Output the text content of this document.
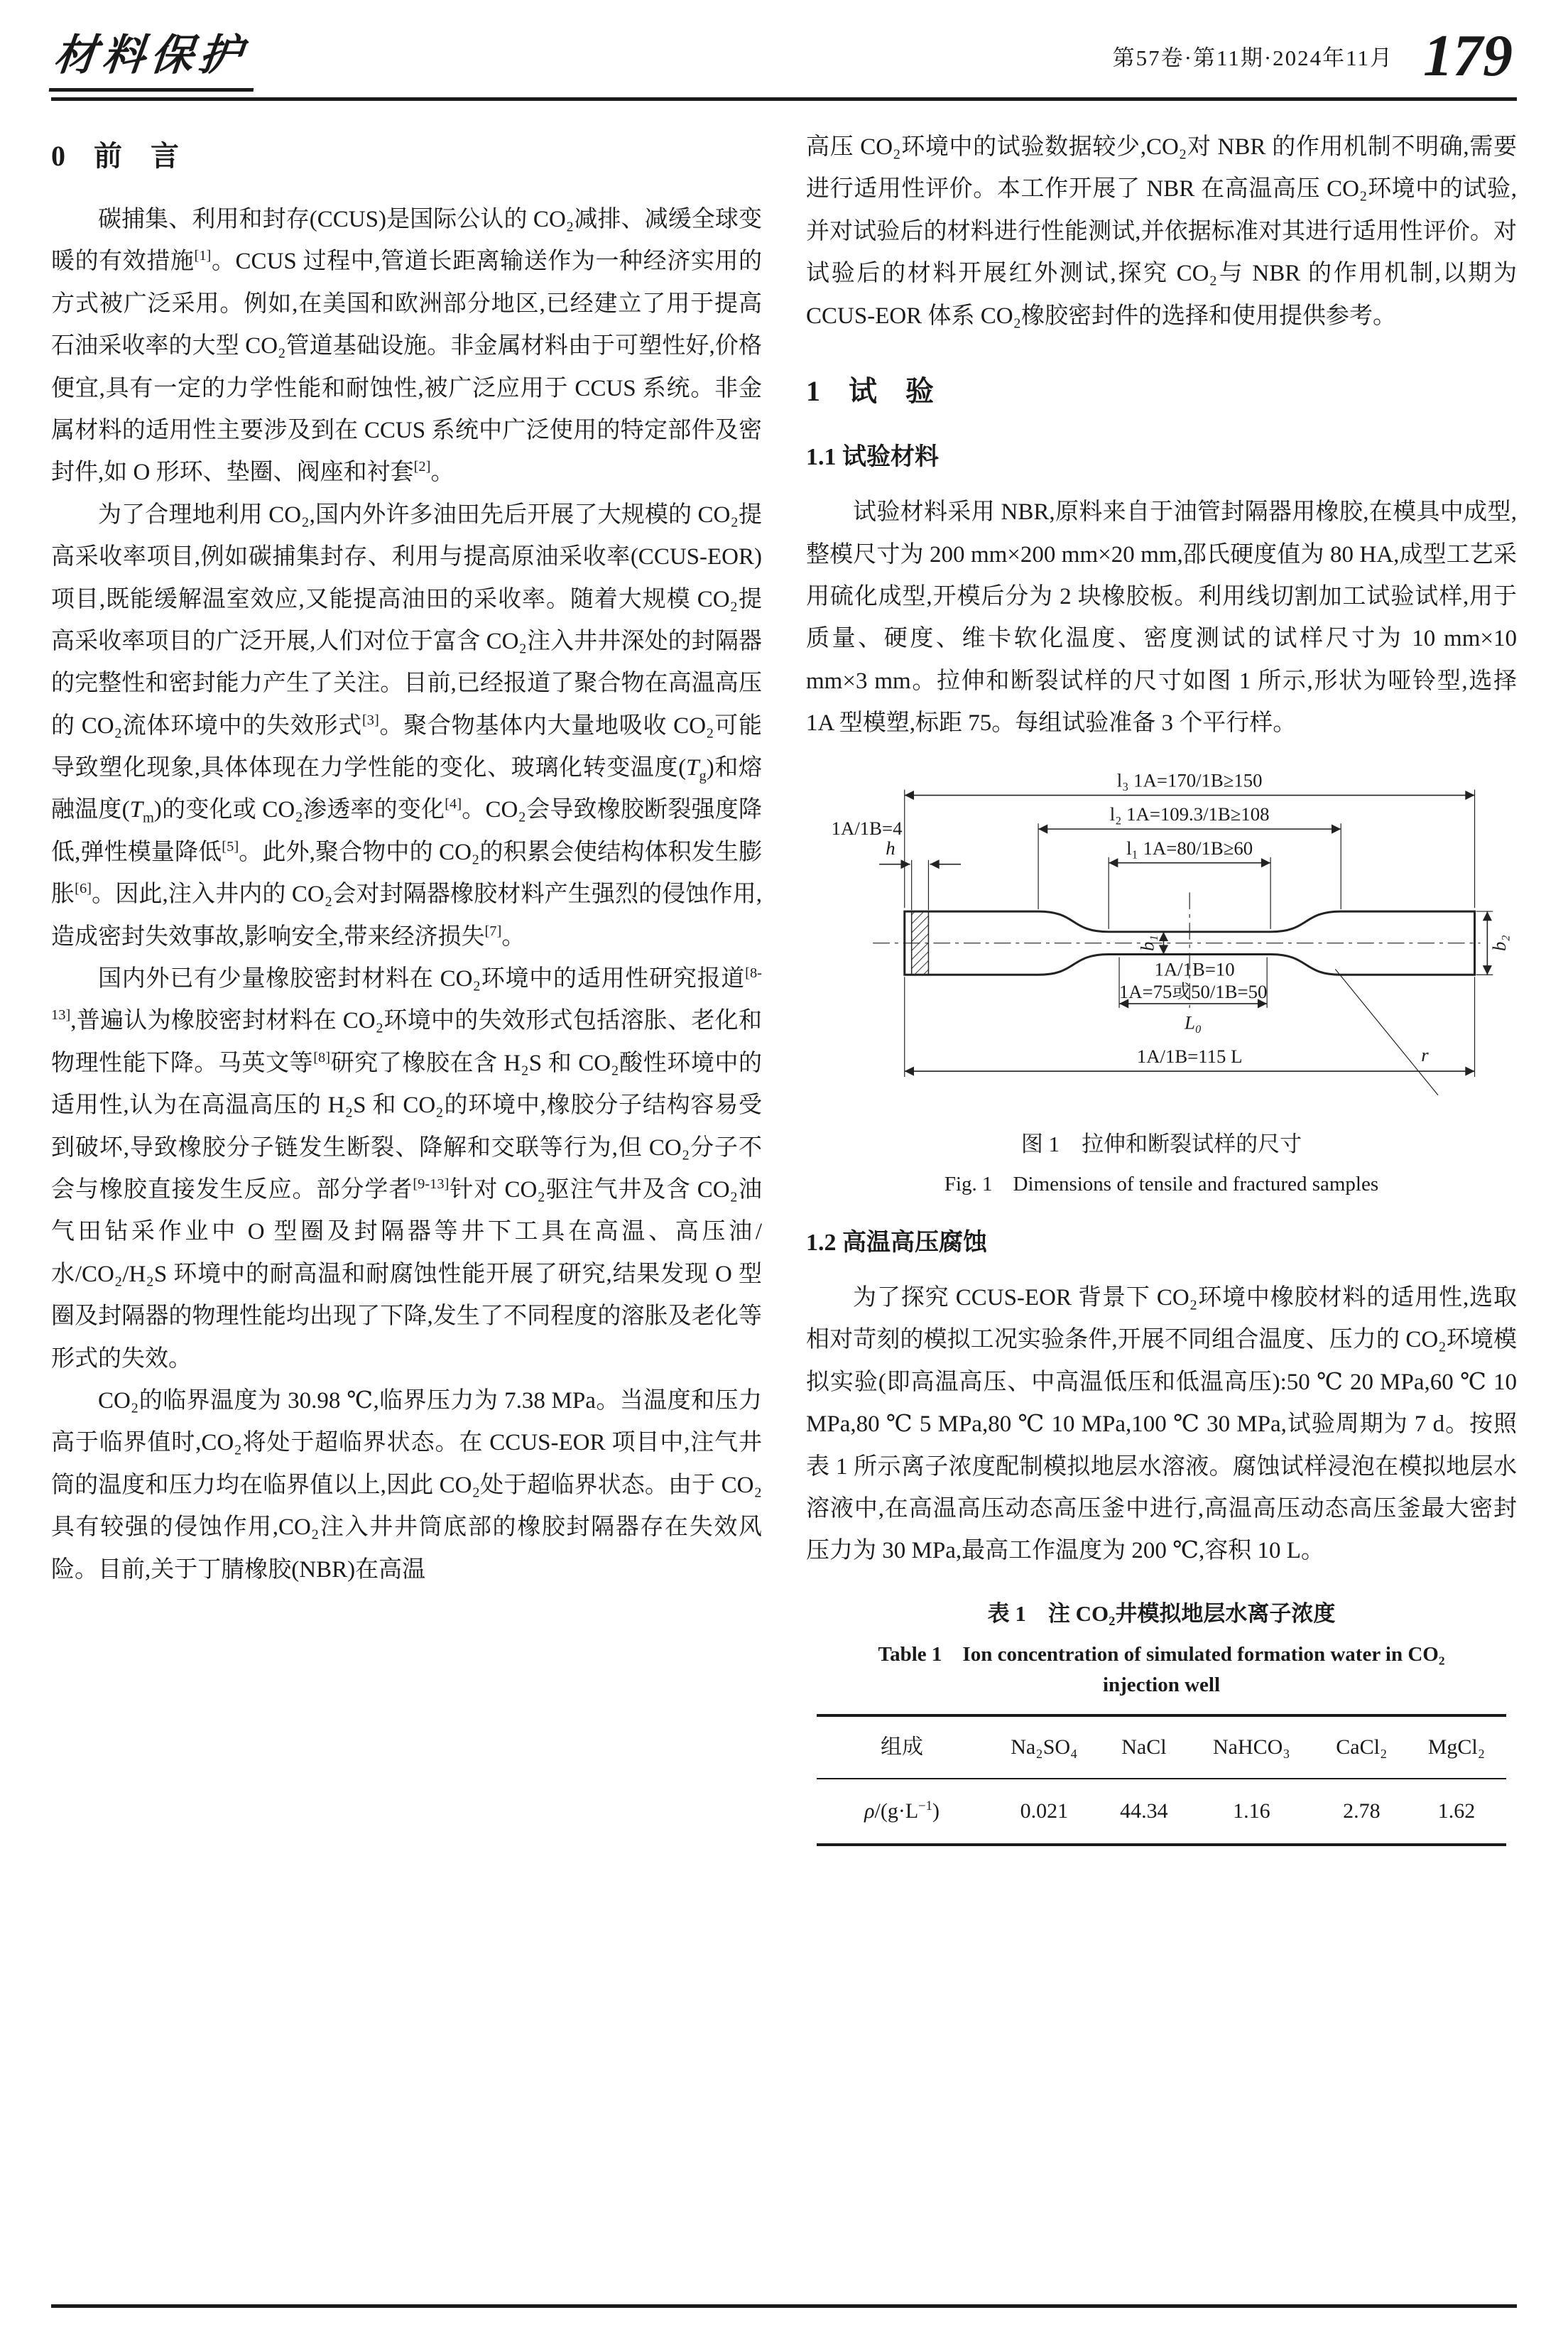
材料保护	第57卷·第11期·2024年11月 179
0　前　言

碳捕集、利用和封存(CCUS)是国际公认的 CO₂减排、减缓全球变暖的有效措施[1]。CCUS 过程中,管道长距离输送作为一种经济实用的方式被广泛采用。例如,在美国和欧洲部分地区,已经建立了用于提高石油采收率的大型 CO₂管道基础设施。非金属材料由于可塑性好,价格便宜,具有一定的力学性能和耐蚀性,被广泛应用于 CCUS 系统。非金属材料的适用性主要涉及到在 CCUS 系统中广泛使用的特定部件及密封件,如 O 形环、垫圈、阀座和衬套[2]。

为了合理地利用 CO₂,国内外许多油田先后开展了大规模的 CO₂提高采收率项目,例如碳捕集封存、利用与提高原油采收率(CCUS-EOR)项目,既能缓解温室效应,又能提高油田的采收率。随着大规模 CO₂提高采收率项目的广泛开展,人们对位于富含 CO₂注入井井深处的封隔器的完整性和密封能力产生了关注。目前,已经报道了聚合物在高温高压的 CO₂流体环境中的失效形式[3]。聚合物基体内大量地吸收 CO₂可能导致塑化现象,具体体现在力学性能的变化、玻璃化转变温度$(T_g)$和熔融温度$(T_m)$的变化或 CO₂渗透率的变化[4]。CO₂会导致橡胶断裂强度降低,弹性模量降低[5]。此外,聚合物中的 CO₂的积累会使结构体积发生膨胀[6]。因此,注入井内的 CO₂会对封隔器橡胶材料产生强烈的侵蚀作用,造成密封失效事故,影响安全,带来经济损失[7]。

国内外已有少量橡胶密封材料在 CO₂环境中的适用性研究报道[8-13],普遍认为橡胶密封材料在 CO₂环境中的失效形式包括溶胀、老化和物理性能下降。马英文等[8]研究了橡胶在含 H₂S 和 CO₂酸性环境中的适用性,认为在高温高压的 H₂S 和 CO₂的环境中,橡胶分子结构容易受到破坏,导致橡胶分子链发生断裂、降解和交联等行为,但 CO₂分子不会与橡胶直接发生反应。部分学者[9-13]针对 CO₂驱注气井及含 CO₂油气田钻采作业中 O 型圈及封隔器等井下工具在高温、高压油/水/CO₂/H₂S 环境中的耐高温和耐腐蚀性能开展了研究,结果发现 O 型圈及封隔器的物理性能均出现了下降,发生了不同程度的溶胀及老化等形式的失效。

CO₂的临界温度为 30.98 ℃,临界压力为 7.38 MPa。当温度和压力高于临界值时,CO₂将处于超临界状态。在 CCUS-EOR 项目中,注气井筒的温度和压力均在临界值以上,因此 CO₂处于超临界状态。由于 CO₂具有较强的侵蚀作用,CO₂注入井井筒底部的橡胶封隔器存在失效风险。目前,关于丁腈橡胶(NBR)在高温

高压 CO₂环境中的试验数据较少,CO₂对 NBR 的作用机制不明确,需要进行适用性评价。本工作开展了 NBR 在高温高压 CO₂环境中的试验,并对试验后的材料进行性能测试,并依据标准对其进行适用性评价。对试验后的材料开展红外测试,探究 CO₂与 NBR 的作用机制,以期为 CCUS-EOR 体系 CO₂橡胶密封件的选择和使用提供参考。

1　试　验
1.1 试验材料

试验材料采用 NBR,原料来自于油管封隔器用橡胶,在模具中成型,整模尺寸为 200 mm×200 mm×20 mm,邵氏硬度值为 80 HA,成型工艺采用硫化成型,开模后分为 2 块橡胶板。利用线切割加工试验试样,用于质量、硬度、维卡软化温度、密度测试的试样尺寸为 10 mm×10 mm×3 mm。拉伸和断裂试样的尺寸如图 1 所示,形状为哑铃型,选择 1A 型模塑,标距 75。每组试验准备 3 个平行样。

l₃ 1A=170/1B≥150
1A/1B=4
h
l₂ 1A=109.3/1B≥108
l₁ 1A=80/1B≥60
b₁
1A/1B=10
1A=75或50/1B=50
L₀
b₂
r
1A/1B=115 L
图 1　拉伸和断裂试样的尺寸
Fig. 1　Dimensions of tensile and fractured samples
1.2 高温高压腐蚀

为了探究 CCUS-EOR 背景下 CO₂环境中橡胶材料的适用性,选取相对苛刻的模拟工况实验条件,开展不同组合温度、压力的 CO₂环境模拟实验(即高温高压、中高温低压和低温高压):50 ℃ 20 MPa,60 ℃ 10 MPa,80 ℃ 5 MPa,80 ℃ 10 MPa,100 ℃ 30 MPa,试验周期为 7 d。按照表 1 所示离子浓度配制模拟地层水溶液。腐蚀试样浸泡在模拟地层水溶液中,在高温高压动态高压釜中进行,高温高压动态高压釜最大密封压力为 30 MPa,最高工作温度为 200 ℃,容积 10 L。

表 1　注 CO₂井模拟地层水离子浓度
Table 1　Ion concentration of simulated formation water in CO₂ injection well
组成	Na₂SO₄	NaCl	NaHCO₃	CaCl₂	MgCl₂
$\rho/(g\cdot L^{-1})$	0.021	44.34	1.16	2.78	1.62
